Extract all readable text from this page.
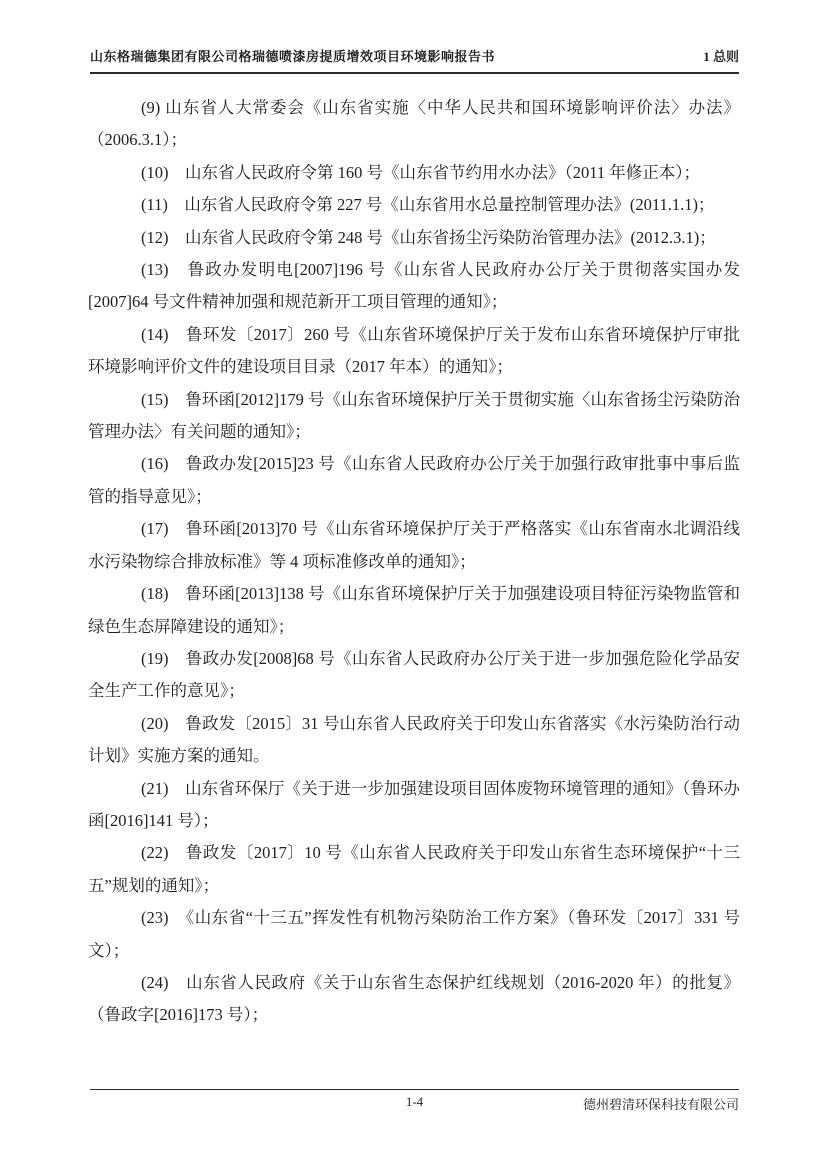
山东格瑞德集团有限公司格瑞德喷漆房提质增效项目环境影响报告书	1 总则

(9) 山东省人大常委会《山东省实施〈中华人民共和国环境影响评价法〉办法》（2006.3.1）；

(10)　山东省人民政府令第 160 号《山东省节约用水办法》（2011 年修正本）；

(11)　山东省人民政府令第 227 号《山东省用水总量控制管理办法》(2011.1.1)；

(12)　山东省人民政府令第 248 号《山东省扬尘污染防治管理办法》(2012.3.1)；

(13)　鲁政办发明电[2007]196 号《山东省人民政府办公厅关于贯彻落实国办发[2007]64 号文件精神加强和规范新开工项目管理的通知》；

(14)　鲁环发〔2017〕260 号《山东省环境保护厅关于发布山东省环境保护厅审批环境影响评价文件的建设项目目录（2017 年本）的通知》；

(15)　鲁环函[2012]179 号《山东省环境保护厅关于贯彻实施〈山东省扬尘污染防治管理办法〉有关问题的通知》；

(16)　鲁政办发[2015]23 号《山东省人民政府办公厅关于加强行政审批事中事后监管的指导意见》；

(17)　鲁环函[2013]70 号《山东省环境保护厅关于严格落实《山东省南水北调沿线水污染物综合排放标准》等 4 项标准修改单的通知》；

(18)　鲁环函[2013]138 号《山东省环境保护厅关于加强建设项目特征污染物监管和绿色生态屏障建设的通知》；

(19)　鲁政办发[2008]68 号《山东省人民政府办公厅关于进一步加强危险化学品安全生产工作的意见》；

(20)　鲁政发〔2015〕31 号山东省人民政府关于印发山东省落实《水污染防治行动计划》实施方案的通知。

(21)　山东省环保厅《关于进一步加强建设项目固体废物环境管理的通知》（鲁环办函[2016]141 号）；

(22)　鲁政发〔2017〕10 号《山东省人民政府关于印发山东省生态环境保护“十三五”规划的通知》；

(23)　《山东省“十三五”挥发性有机物污染防治工作方案》（鲁环发〔2017〕331 号文）；

(24)　山东省人民政府《关于山东省生态保护红线规划（2016-2020 年）的批复》（鲁政字[2016]173 号）；

1-4	德州碧清环保科技有限公司
